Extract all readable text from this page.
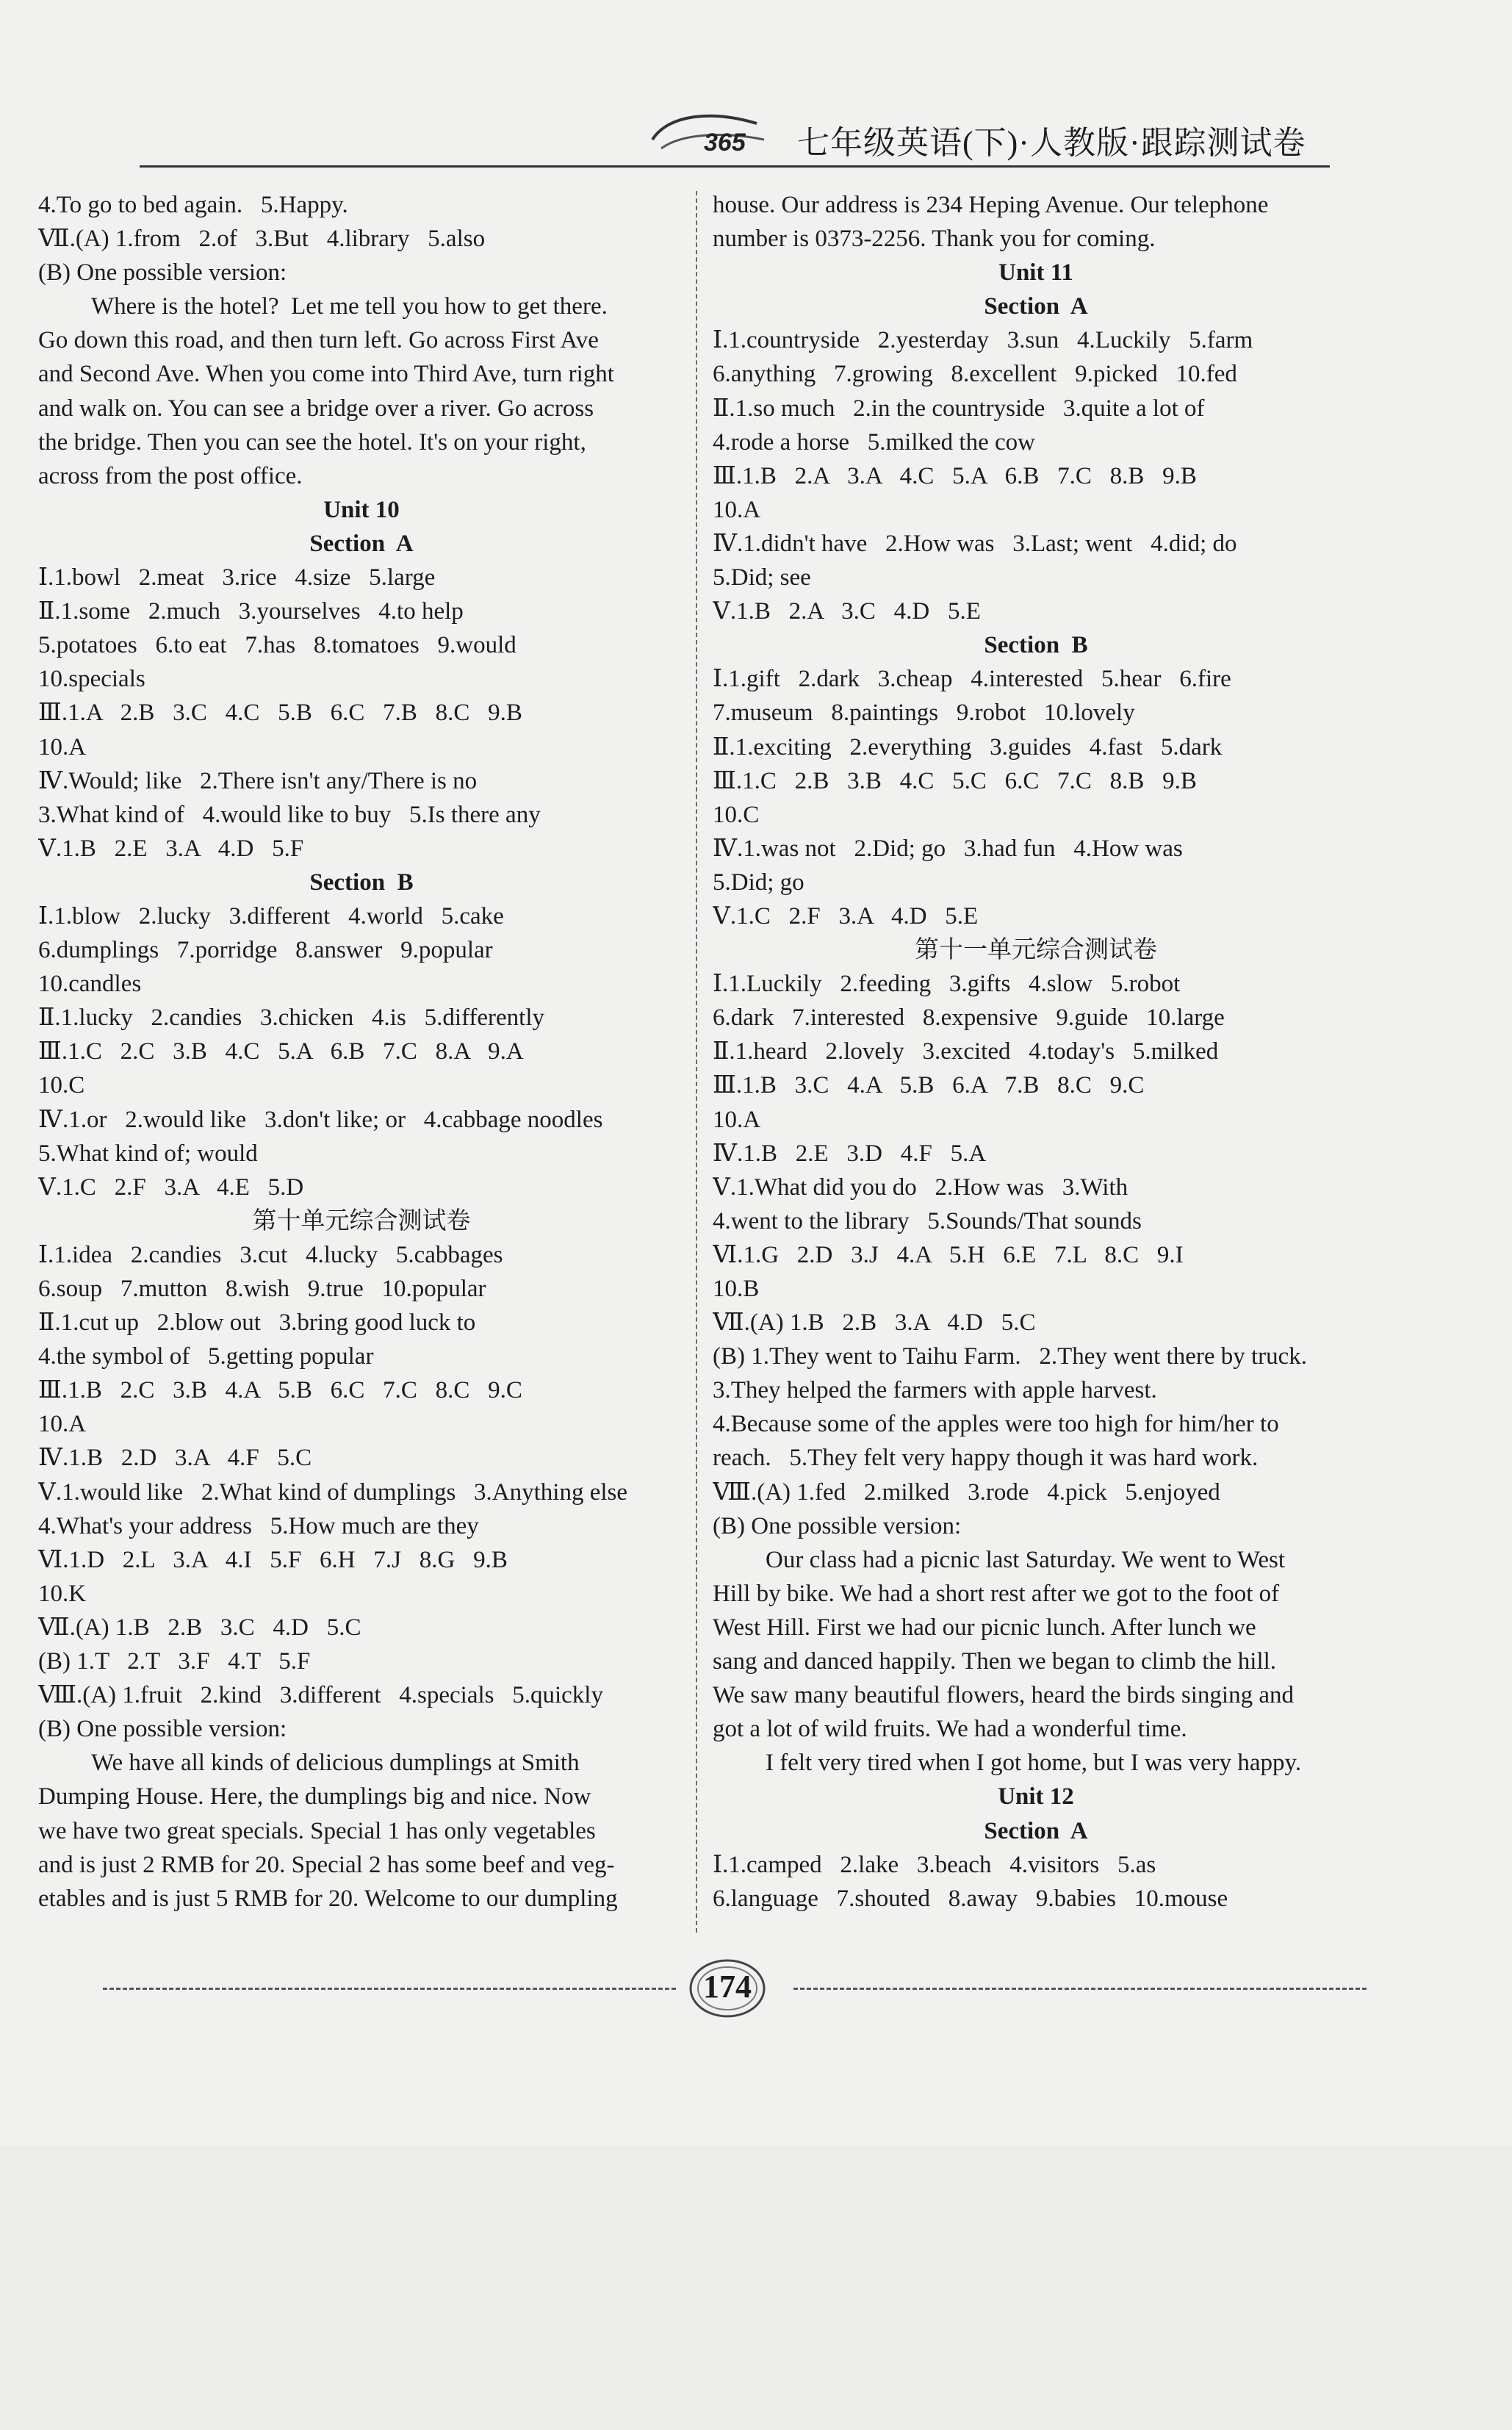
365 七年级英语(下)·人教版·跟踪测试卷
4.To go to bed again.   5.Happy.
Ⅶ.(A) 1.from   2.of   3.But   4.library   5.also
(B) One possible version:
Where is the hotel?  Let me tell you how to get there.
Go down this road, and then turn left. Go across First Ave
and Second Ave. When you come into Third Ave, turn right
and walk on. You can see a bridge over a river. Go across
the bridge. Then you can see the hotel. It's on your right,
across from the post office.
Unit 10
Section  A
Ⅰ.1.bowl   2.meat   3.rice   4.size   5.large
Ⅱ.1.some   2.much   3.yourselves   4.to help
5.potatoes   6.to eat   7.has   8.tomatoes   9.would
10.specials
Ⅲ.1.A   2.B   3.C   4.C   5.B   6.C   7.B   8.C   9.B
10.A
Ⅳ.Would; like   2.There isn't any/There is no
3.What kind of   4.would like to buy   5.Is there any
Ⅴ.1.B   2.E   3.A   4.D   5.F
Section  B
Ⅰ.1.blow   2.lucky   3.different   4.world   5.cake
6.dumplings   7.porridge   8.answer   9.popular
10.candles
Ⅱ.1.lucky   2.candies   3.chicken   4.is   5.differently
Ⅲ.1.C   2.C   3.B   4.C   5.A   6.B   7.C   8.A   9.A
10.C
Ⅳ.1.or   2.would like   3.don't like; or   4.cabbage noodles
5.What kind of; would
Ⅴ.1.C   2.F   3.A   4.E   5.D
第十单元综合测试卷
Ⅰ.1.idea   2.candies   3.cut   4.lucky   5.cabbages
6.soup   7.mutton   8.wish   9.true   10.popular
Ⅱ.1.cut up   2.blow out   3.bring good luck to
4.the symbol of   5.getting popular
Ⅲ.1.B   2.C   3.B   4.A   5.B   6.C   7.C   8.C   9.C
10.A
Ⅳ.1.B   2.D   3.A   4.F   5.C
Ⅴ.1.would like   2.What kind of dumplings   3.Anything else
4.What's your address   5.How much are they
Ⅵ.1.D   2.L   3.A   4.I   5.F   6.H   7.J   8.G   9.B
10.K
Ⅶ.(A) 1.B   2.B   3.C   4.D   5.C
(B) 1.T   2.T   3.F   4.T   5.F
Ⅷ.(A) 1.fruit   2.kind   3.different   4.specials   5.quickly
(B) One possible version:
We have all kinds of delicious dumplings at Smith
Dumping House. Here, the dumplings big and nice. Now
we have two great specials. Special 1 has only vegetables
and is just 2 RMB for 20. Special 2 has some beef and veg-
etables and is just 5 RMB for 20. Welcome to our dumpling
house. Our address is 234 Heping Avenue. Our telephone
number is 0373-2256. Thank you for coming.
Unit 11
Section  A
Ⅰ.1.countryside   2.yesterday   3.sun   4.Luckily   5.farm
6.anything   7.growing   8.excellent   9.picked   10.fed
Ⅱ.1.so much   2.in the countryside   3.quite a lot of
4.rode a horse   5.milked the cow
Ⅲ.1.B   2.A   3.A   4.C   5.A   6.B   7.C   8.B   9.B
10.A
Ⅳ.1.didn't have   2.How was   3.Last; went   4.did; do
5.Did; see
Ⅴ.1.B   2.A   3.C   4.D   5.E
Section  B
Ⅰ.1.gift   2.dark   3.cheap   4.interested   5.hear   6.fire
7.museum   8.paintings   9.robot   10.lovely
Ⅱ.1.exciting   2.everything   3.guides   4.fast   5.dark
Ⅲ.1.C   2.B   3.B   4.C   5.C   6.C   7.C   8.B   9.B
10.C
Ⅳ.1.was not   2.Did; go   3.had fun   4.How was
5.Did; go
Ⅴ.1.C   2.F   3.A   4.D   5.E
第十一单元综合测试卷
Ⅰ.1.Luckily   2.feeding   3.gifts   4.slow   5.robot
6.dark   7.interested   8.expensive   9.guide   10.large
Ⅱ.1.heard   2.lovely   3.excited   4.today's   5.milked
Ⅲ.1.B   3.C   4.A   5.B   6.A   7.B   8.C   9.C
10.A
Ⅳ.1.B   2.E   3.D   4.F   5.A
Ⅴ.1.What did you do   2.How was   3.With
4.went to the library   5.Sounds/That sounds
Ⅵ.1.G   2.D   3.J   4.A   5.H   6.E   7.L   8.C   9.I
10.B
Ⅶ.(A) 1.B   2.B   3.A   4.D   5.C
(B) 1.They went to Taihu Farm.   2.They went there by truck.
3.They helped the farmers with apple harvest.
4.Because some of the apples were too high for him/her to
reach.   5.They felt very happy though it was hard work.
Ⅷ.(A) 1.fed   2.milked   3.rode   4.pick   5.enjoyed
(B) One possible version:
Our class had a picnic last Saturday. We went to West
Hill by bike. We had a short rest after we got to the foot of
West Hill. First we had our picnic lunch. After lunch we
sang and danced happily. Then we began to climb the hill.
We saw many beautiful flowers, heard the birds singing and
got a lot of wild fruits. We had a wonderful time.
I felt very tired when I got home, but I was very happy.
Unit 12
Section  A
Ⅰ.1.camped   2.lake   3.beach   4.visitors   5.as
6.language   7.shouted   8.away   9.babies   10.mouse
174
